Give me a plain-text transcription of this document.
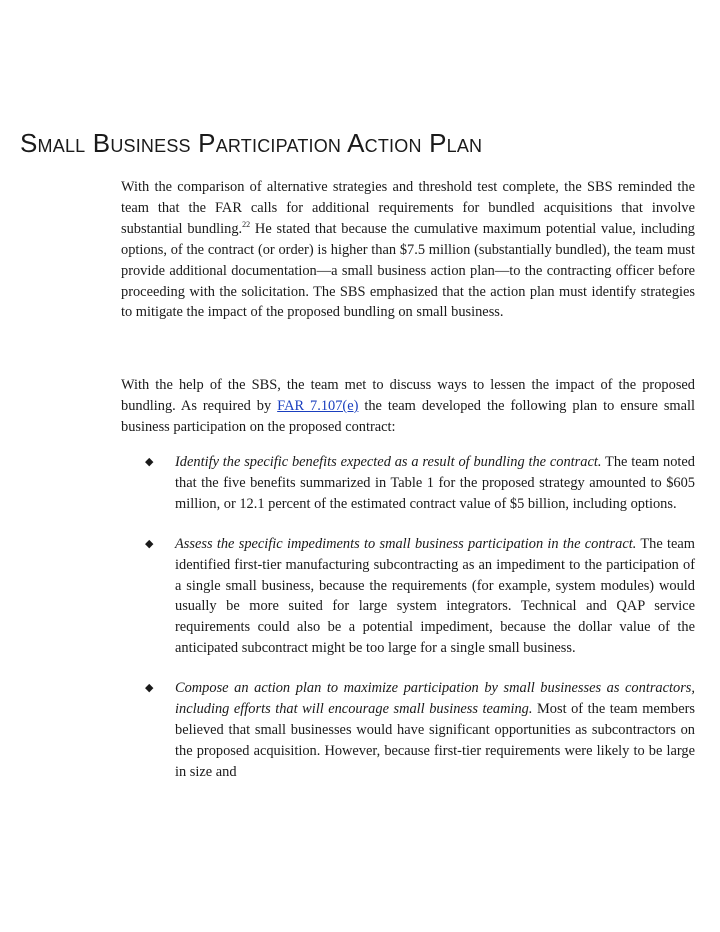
Small Business Participation Action Plan

With the comparison of alternative strategies and threshold test complete, the SBS reminded the team that the FAR calls for additional requirements for bundled acquisitions that involve substantial bundling.$^{22}$ He stated that because the cumulative maximum potential value, including options, of the contract (or order) is higher than $7.5 million (substantially bundled), the team must provide additional documentation—a small business action plan—to the contracting officer before proceeding with the solicitation. The SBS emphasized that the action plan must identify strategies to mitigate the impact of the proposed bundling on small business.

With the help of the SBS, the team met to discuss ways to lessen the impact of the proposed bundling. As required by FAR 7.107(e) the team developed the following plan to ensure small business participation on the proposed contract:

◆ Identify the specific benefits expected as a result of bundling the contract. The team noted that the five benefits summarized in Table 1 for the proposed strategy amounted to $605 million, or 12.1 percent of the estimated contract value of $5 billion, including options.
◆ Assess the specific impediments to small business participation in the contract. The team identified first-tier manufacturing subcontracting as an impediment to the participation of a single small business, because the requirements (for example, system modules) would usually be more suited for large system integrators. Technical and QAP service requirements could also be a potential impediment, because the dollar value of the anticipated subcontract might be too large for a single small business.
◆ Compose an action plan to maximize participation by small businesses as contractors, including efforts that will encourage small business teaming. Most of the team members believed that small businesses would have significant opportunities as subcontractors on the proposed acquisition. However, because first-tier requirements were likely to be large in size and
